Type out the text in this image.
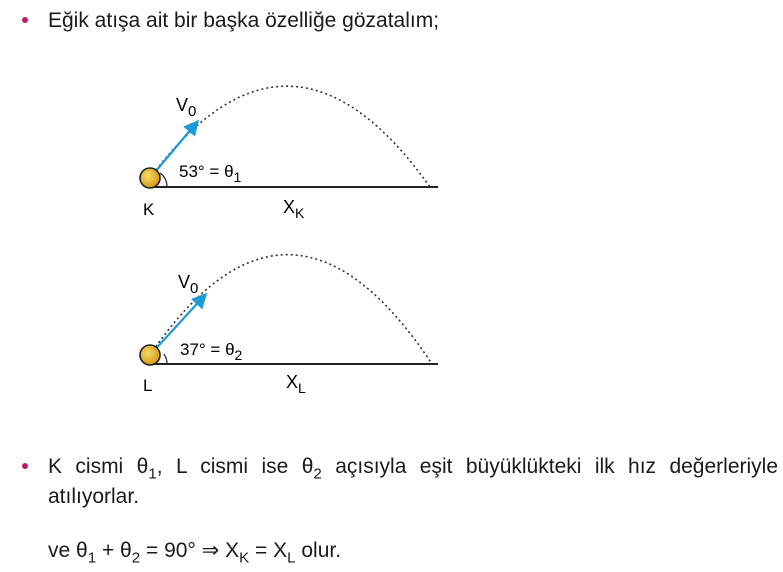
Eğik atışa ait bir başka özelliğe gözatalım;
K
$V_0$
$53^\circ = \theta_1$
$X_K$
L
$V_0$
$37^\circ = \theta_2$
$X_L$
K cismi $\theta_1$, L cismi ise $\theta_2$ açısıyla eşit büyüklükteki ilk hız değerleriyle
atılıyorlar.
ve $\theta_1 + \theta_2 = 90^\circ$ ⇒ $X_K = X_L$ olur.
